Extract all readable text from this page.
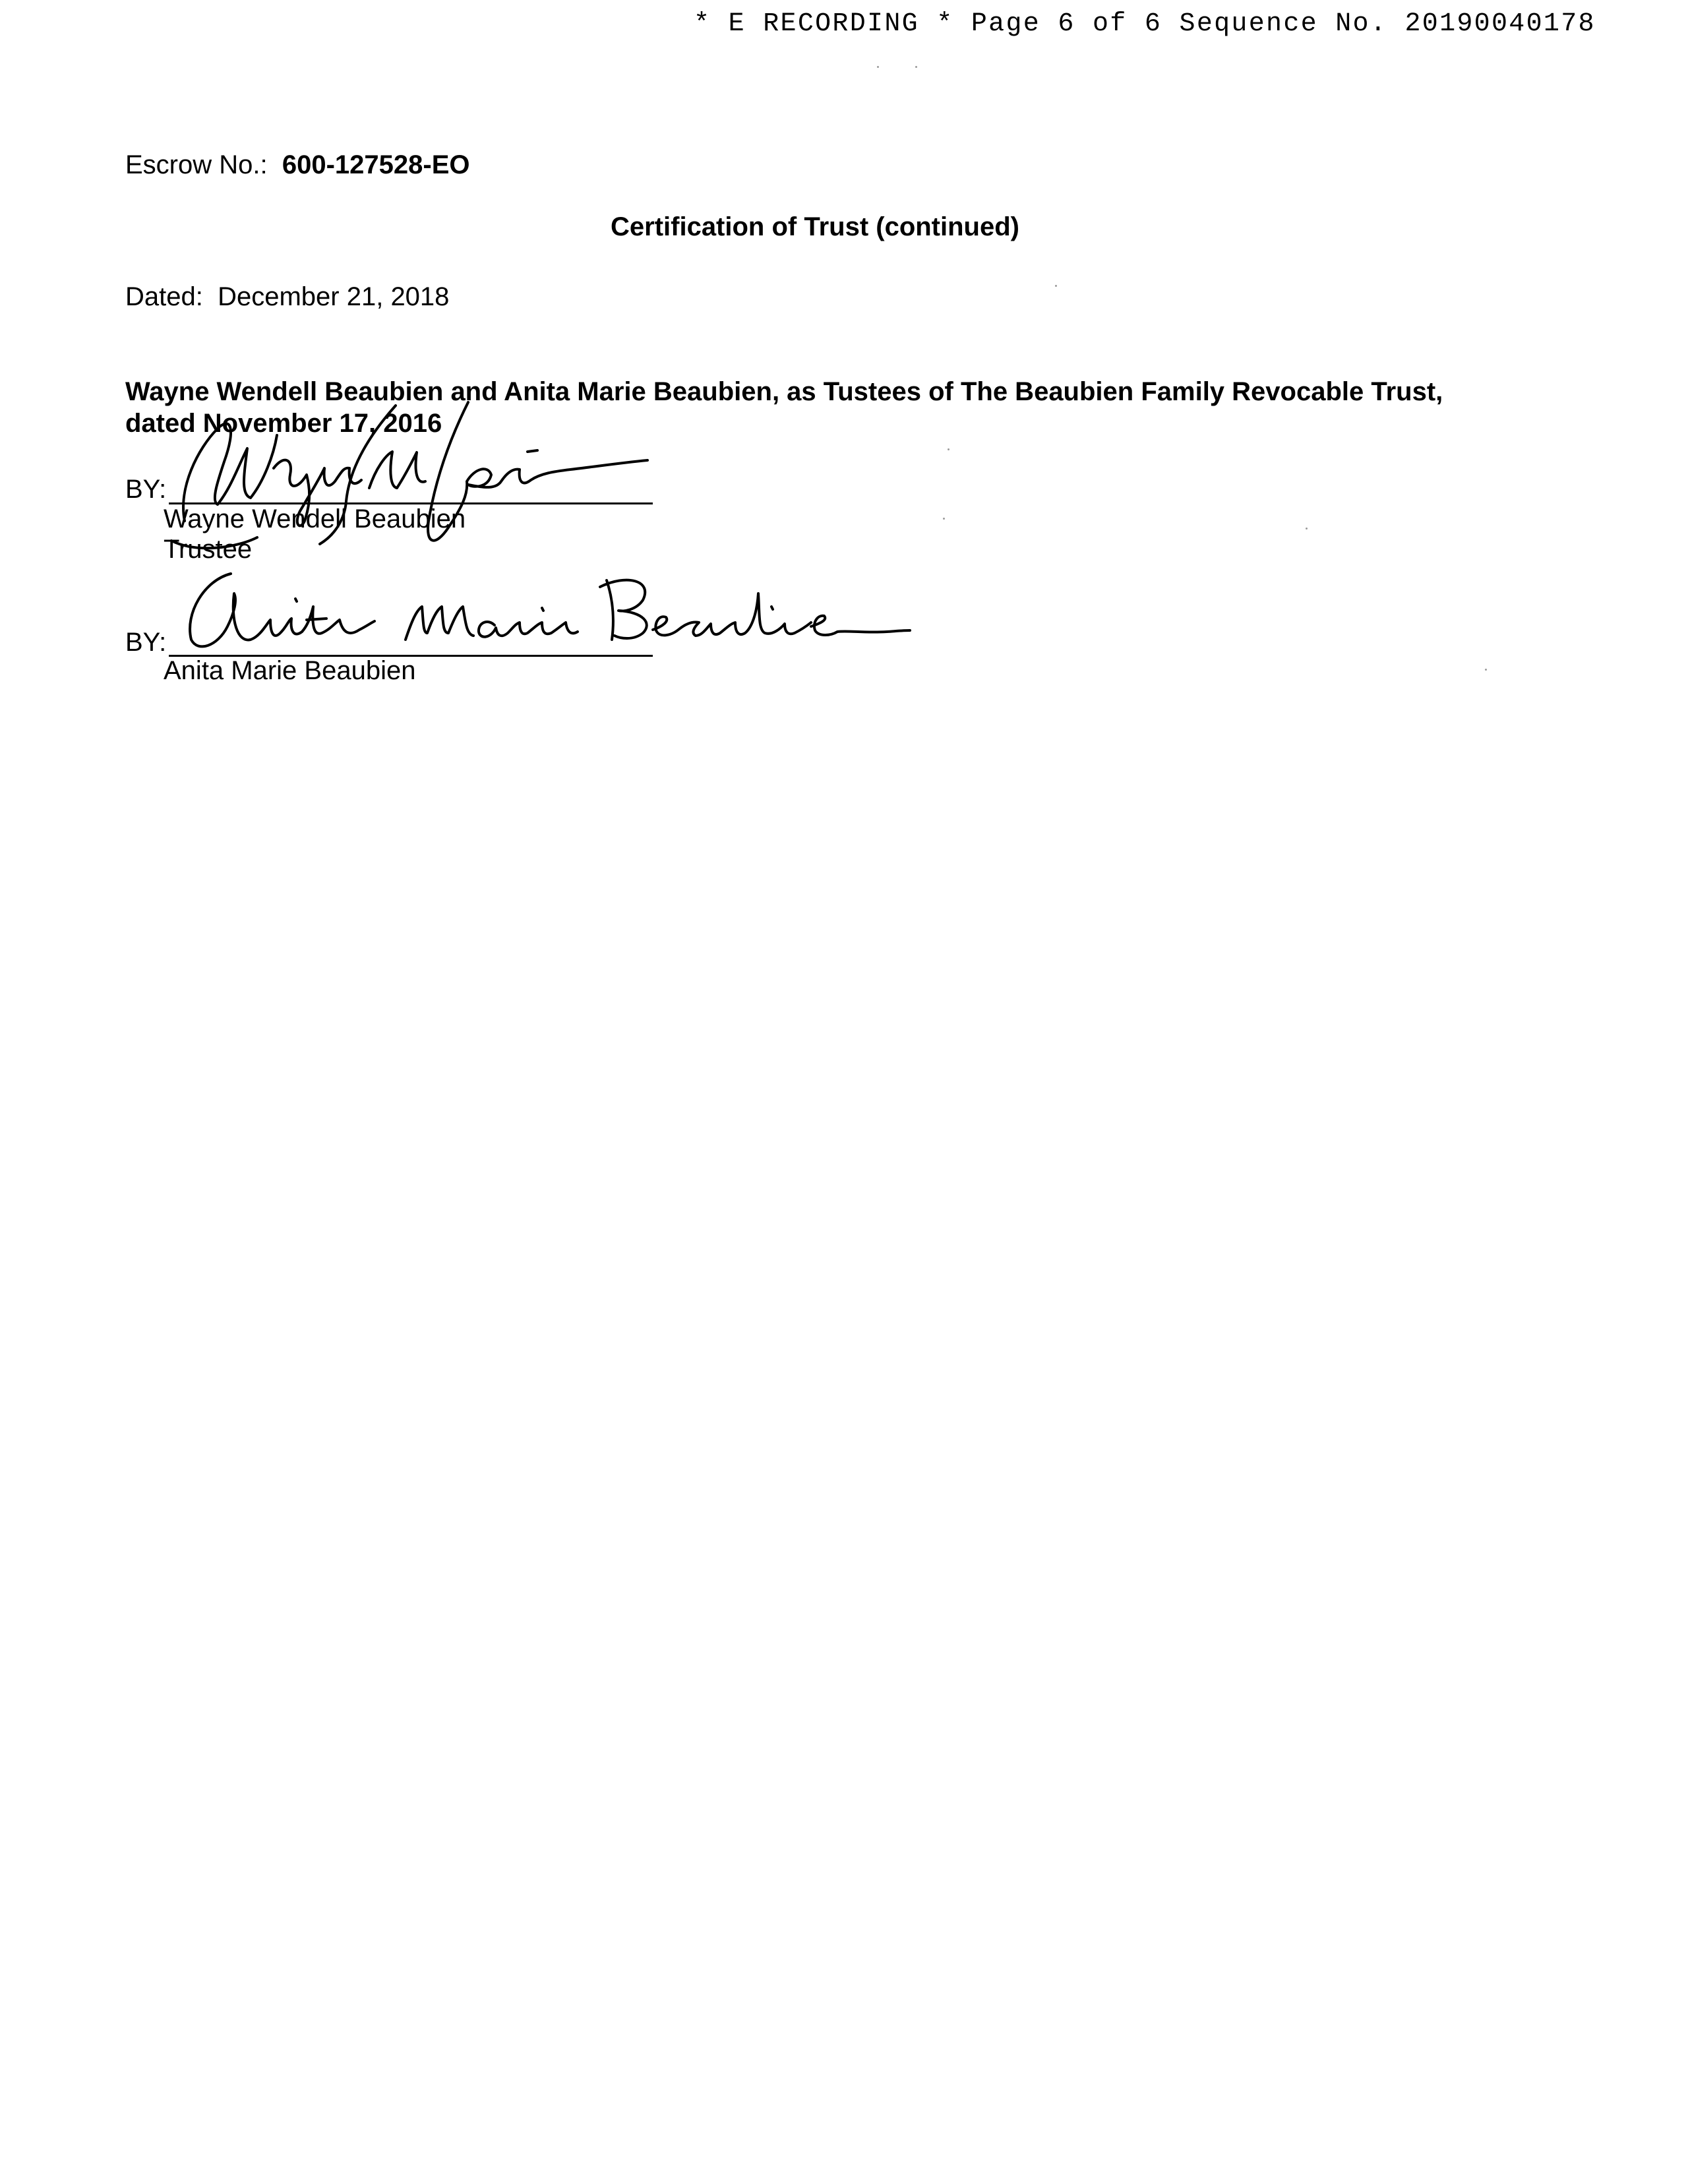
* E RECORDING * Page 6 of 6 Sequence No. 20190040178
Escrow No.: 600-127528-EO
Certification of Trust (continued)
Dated: December 21, 2018
Wayne Wendell Beaubien and Anita Marie Beaubien, as Tustees of The Beaubien Family Revocable Trust,
dated November 17, 2016
BY:
Wayne Wendell Beaubien
Trustee
BY:
Anita Marie Beaubien
